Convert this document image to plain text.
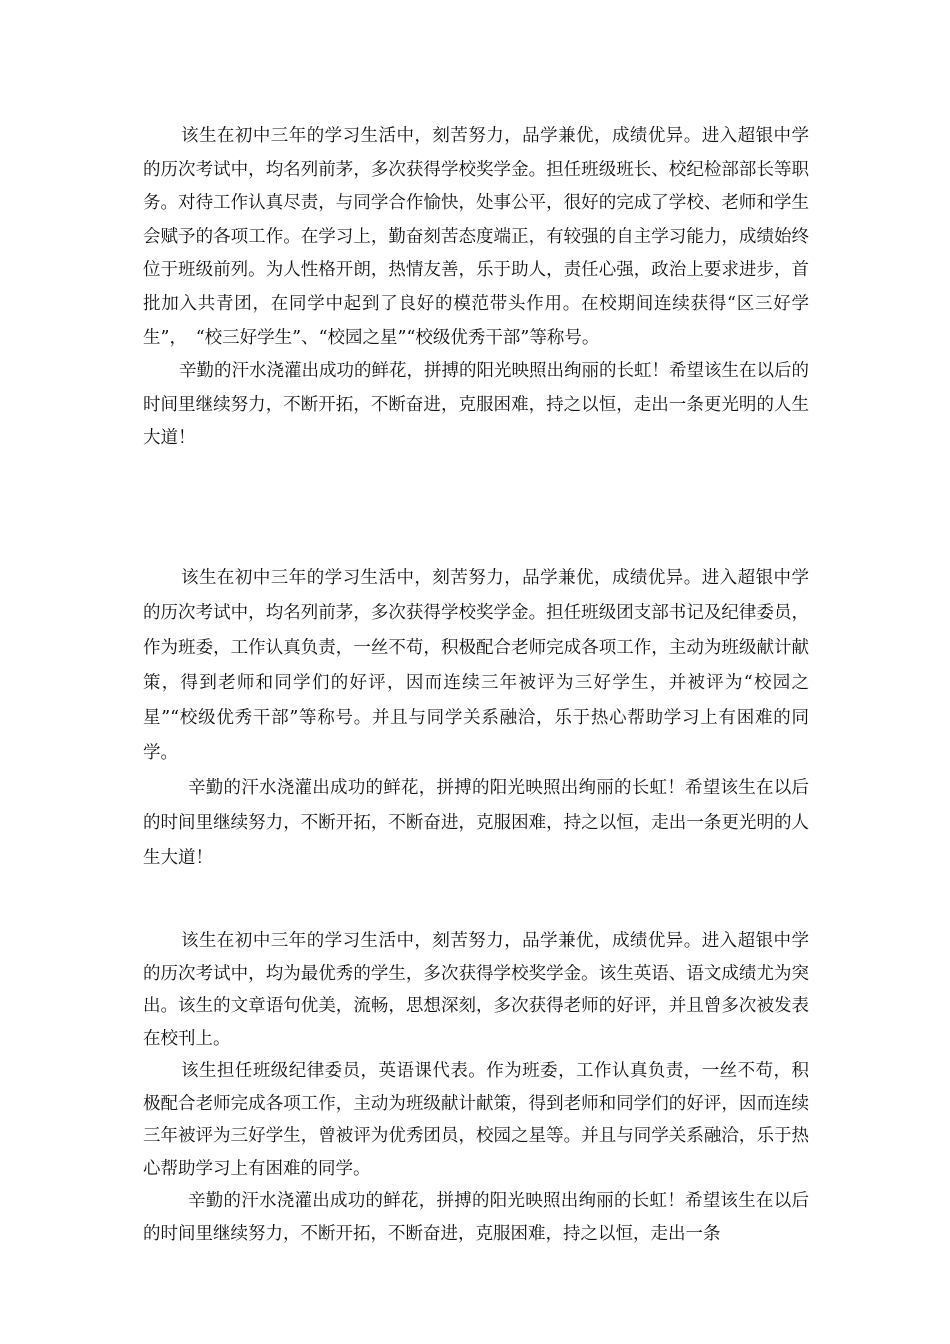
该生在初中三年的学习生活中，刻苦努力，品学兼优，成绩优异。进入超银中学的历次考试中，均名列前茅，多次获得学校奖学金。担任班级班长、校纪检部部长等职务。对待工作认真尽责，与同学合作愉快，处事公平，很好的完成了学校、老师和学生会赋予的各项工作。在学习上，勤奋刻苦态度端正，有较强的自主学习能力，成绩始终位于班级前列。为人性格开朗，热情友善，乐于助人，责任心强，政治上要求进步，首批加入共青团，在同学中起到了良好的模范带头作用。在校期间连续获得“区三好学生”，　“校三好学生”、“校园之星”“校级优秀干部”等称号。

辛勤的汗水浇灌出成功的鲜花，拼搏的阳光映照出绚丽的长虹！希望该生在以后的时间里继续努力，不断开拓，不断奋进，克服困难，持之以恒，走出一条更光明的人生大道！

该生在初中三年的学习生活中，刻苦努力，品学兼优，成绩优异。进入超银中学的历次考试中，均名列前茅，多次获得学校奖学金。担任班级团支部书记及纪律委员，作为班委，工作认真负责，一丝不苟，积极配合老师完成各项工作，主动为班级献计献策，得到老师和同学们的好评，因而连续三年被评为三好学生，并被评为“校园之星”“校级优秀干部”等称号。并且与同学关系融洽，乐于热心帮助学习上有困难的同学。

辛勤的汗水浇灌出成功的鲜花，拼搏的阳光映照出绚丽的长虹！希望该生在以后的时间里继续努力，不断开拓，不断奋进，克服困难，持之以恒，走出一条更光明的人生大道！

该生在初中三年的学习生活中，刻苦努力，品学兼优，成绩优异。进入超银中学的历次考试中，均为最优秀的学生，多次获得学校奖学金。该生英语、语文成绩尤为突出。该生的文章语句优美，流畅，思想深刻，多次获得老师的好评，并且曾多次被发表在校刊上。

该生担任班级纪律委员，英语课代表。作为班委，工作认真负责，一丝不苟，积极配合老师完成各项工作，主动为班级献计献策，得到老师和同学们的好评，因而连续三年被评为三好学生，曾被评为优秀团员，校园之星等。并且与同学关系融洽，乐于热心帮助学习上有困难的同学。

辛勤的汗水浇灌出成功的鲜花，拼搏的阳光映照出绚丽的长虹！希望该生在以后的时间里继续努力，不断开拓，不断奋进，克服困难，持之以恒，走出一条
